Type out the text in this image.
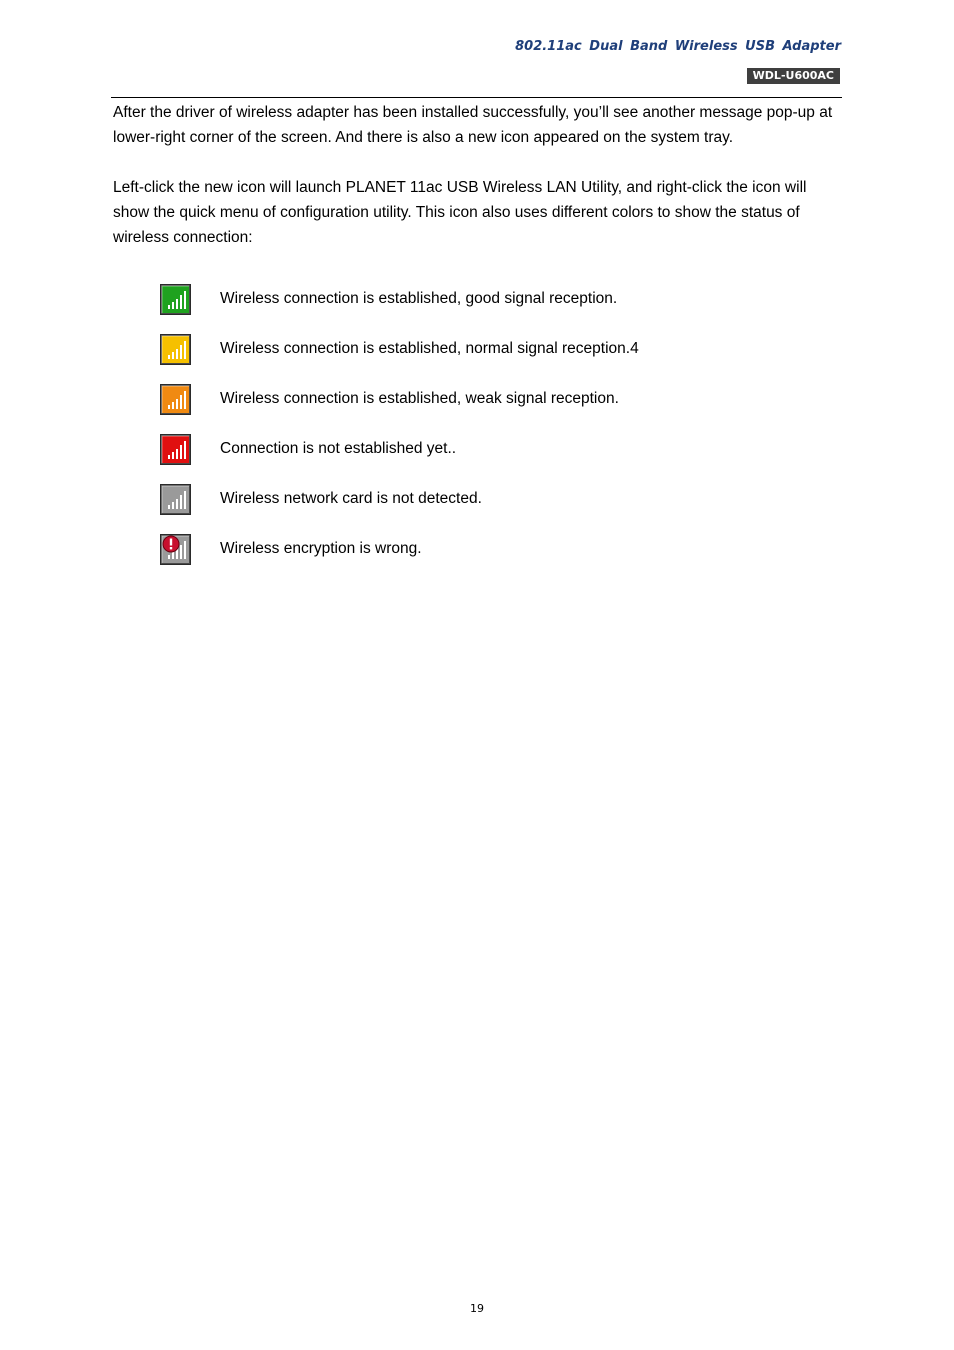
802.11ac Dual Band Wireless USB Adapter
WDL-U600AC

After the driver of wireless adapter has been installed successfully, you’ll see another message pop-up at lower-right corner of the screen. And there is also a new icon appeared on the system tray.

Left-click the new icon will launch PLANET 11ac USB Wireless LAN Utility, and right-click the icon will show the quick menu of configuration utility. This icon also uses different colors to show the status of wireless connection:

Wireless connection is established, good signal reception.
Wireless connection is established, normal signal reception.4
Wireless connection is established, weak signal reception.
Connection is not established yet..
Wireless network card is not detected.
Wireless encryption is wrong.
19
